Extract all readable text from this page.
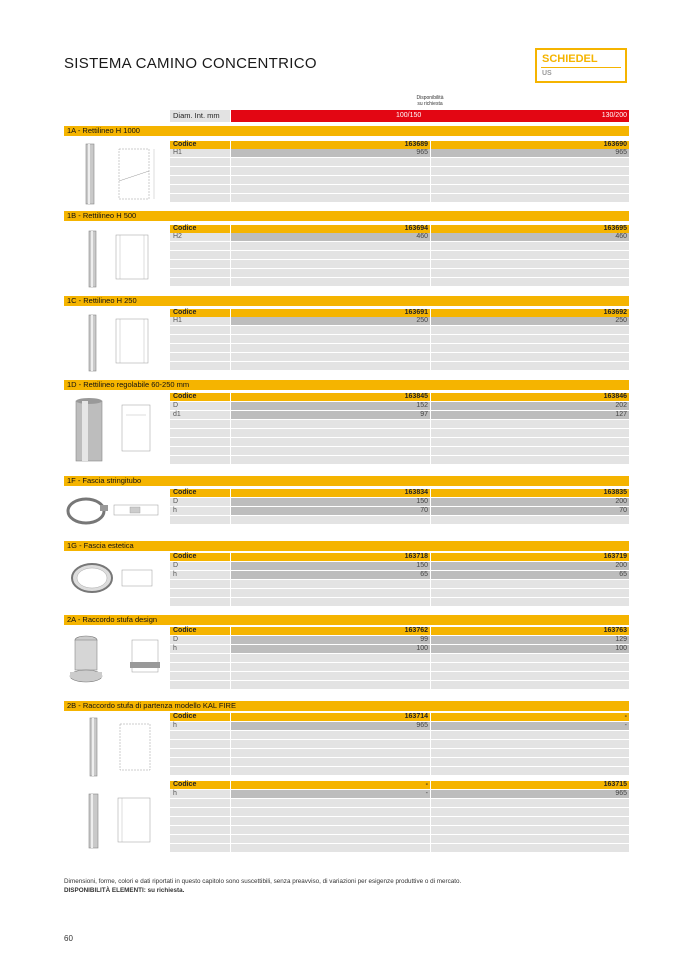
SISTEMA CAMINO CONCENTRICO	SCHIEDEL
US
Disponibilità
su richiesta
Diam. Int. mm	100/150	130/200
1A - Rettilineo H 1000
Codice	163689	163690
H1	965	965
1B - Rettilineo H 500
Codice	163694	163695
H2	460	460
1C - Rettilineo H 250
Codice	163691	163692
H1	250	250
1D - Rettilineo regolabile 60-250 mm
Codice	163845	163846
D	152	202
d1	97	127
1F - Fascia stringitubo
Codice	163834	163835
D	150	200
h	70	70
1G - Fascia estetica
Codice	163718	163719
D	150	200
h	65	65
2A - Raccordo stufa design
Codice	163762	163763
D	99	129
h	100	100
2B - Raccordo stufa di partenza modello KAL FIRE
Codice	163714	-
h	965	-
Codice	-	163715
h	-	965
Dimensioni, forme, colori e dati riportati in questo capitolo sono suscettibili, senza preavviso, di variazioni per esigenze produttive o di mercato.
DISPONIBILITÀ ELEMENTI: su richiesta.
60
